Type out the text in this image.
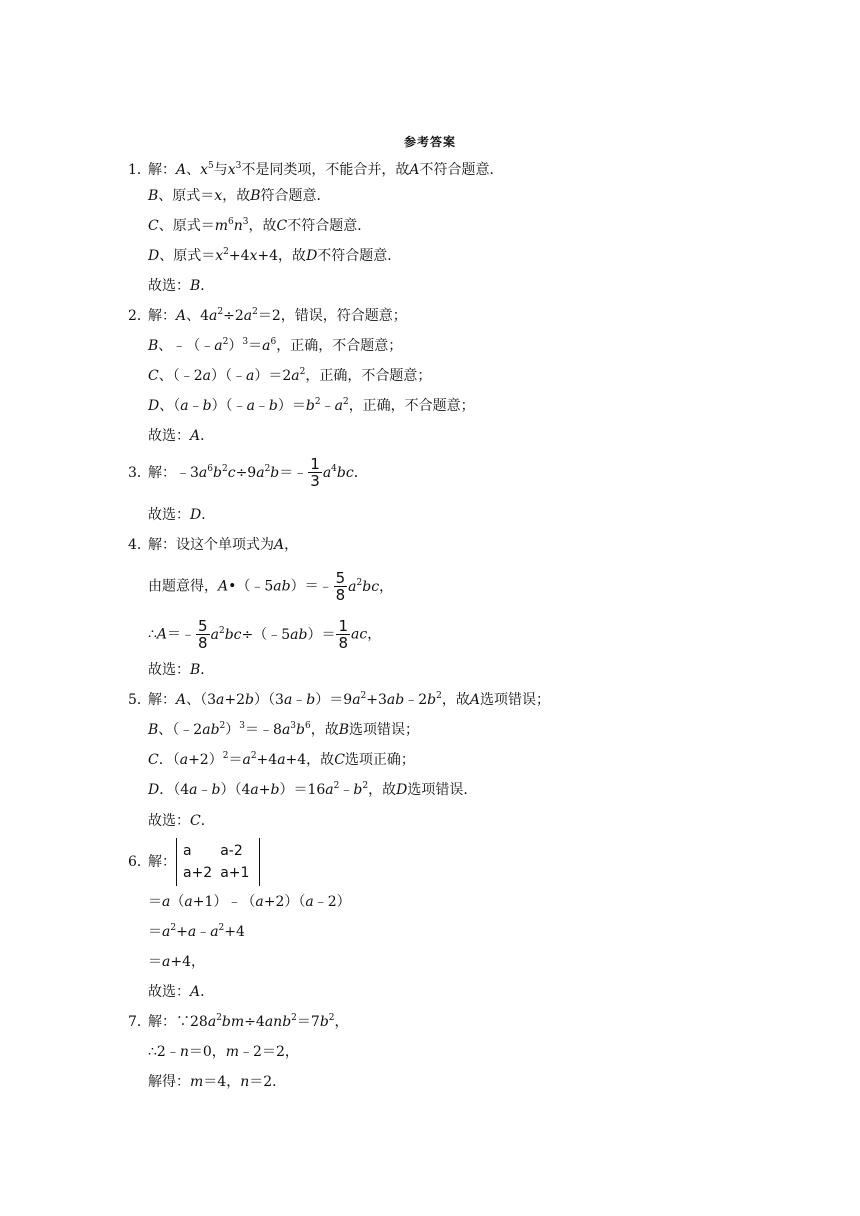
参考答案
1．解：A、$x^5$与$x^3$不是同类项，不能合并，故A不符合题意．
B、原式＝x，故B符合题意．
C、原式$=m^6n^3$，故C不符合题意．
D、原式$=x^2+4x+4$，故D不符合题意．
故选：B．
2．解：A、$4a^2\div 2a^2=2$，错误，符合题意；
B、$﹣(﹣a^2)^3=a^6$，正确，不合题意；
C、$(﹣2a)(﹣a)=2a^2$，正确，不合题意；
D、$(a﹣b)(﹣a﹣b)=b^2﹣a^2$，正确，不合题意；
故选：A．
3．解：$﹣3a^6b^2c\div 9a^2b=﹣ \frac{1}{3} a^4bc$．
故选：D．
4．解：设这个单项式为A，
由题意得，A•（﹣5ab）＝﹣ $\frac{5}{8} a^2bc$，
∴A＝﹣ $\frac{5}{8}$ $a^2bc\div(﹣5ab)= \frac{1}{8}$ ac，
故选：B．
5．解：A、$(3a+2b)(3a﹣b)=9a^2+3ab﹣2b^2$，故A选项错误；
B、$(﹣2ab^2)^3=﹣8a^3b^6$，故B选项错误；
C．$(a+2)^2=a^2+4a+4$，故C选项正确；
D．$(4a﹣b)(4a+b)=16a^2﹣b^2$，故D选项错误．
故选：C．
6．解：
a	a-2
a+2	a+1
＝a（a+1）﹣（a+2）（a﹣2）
$=a^2+a﹣a^2+4$
＝a+4，
故选：A．
7．解：$\because 28a^2bm\div 4anb^2=7b^2$，
∴2﹣n＝0，m﹣2＝2，
解得：m＝4，n＝2．
